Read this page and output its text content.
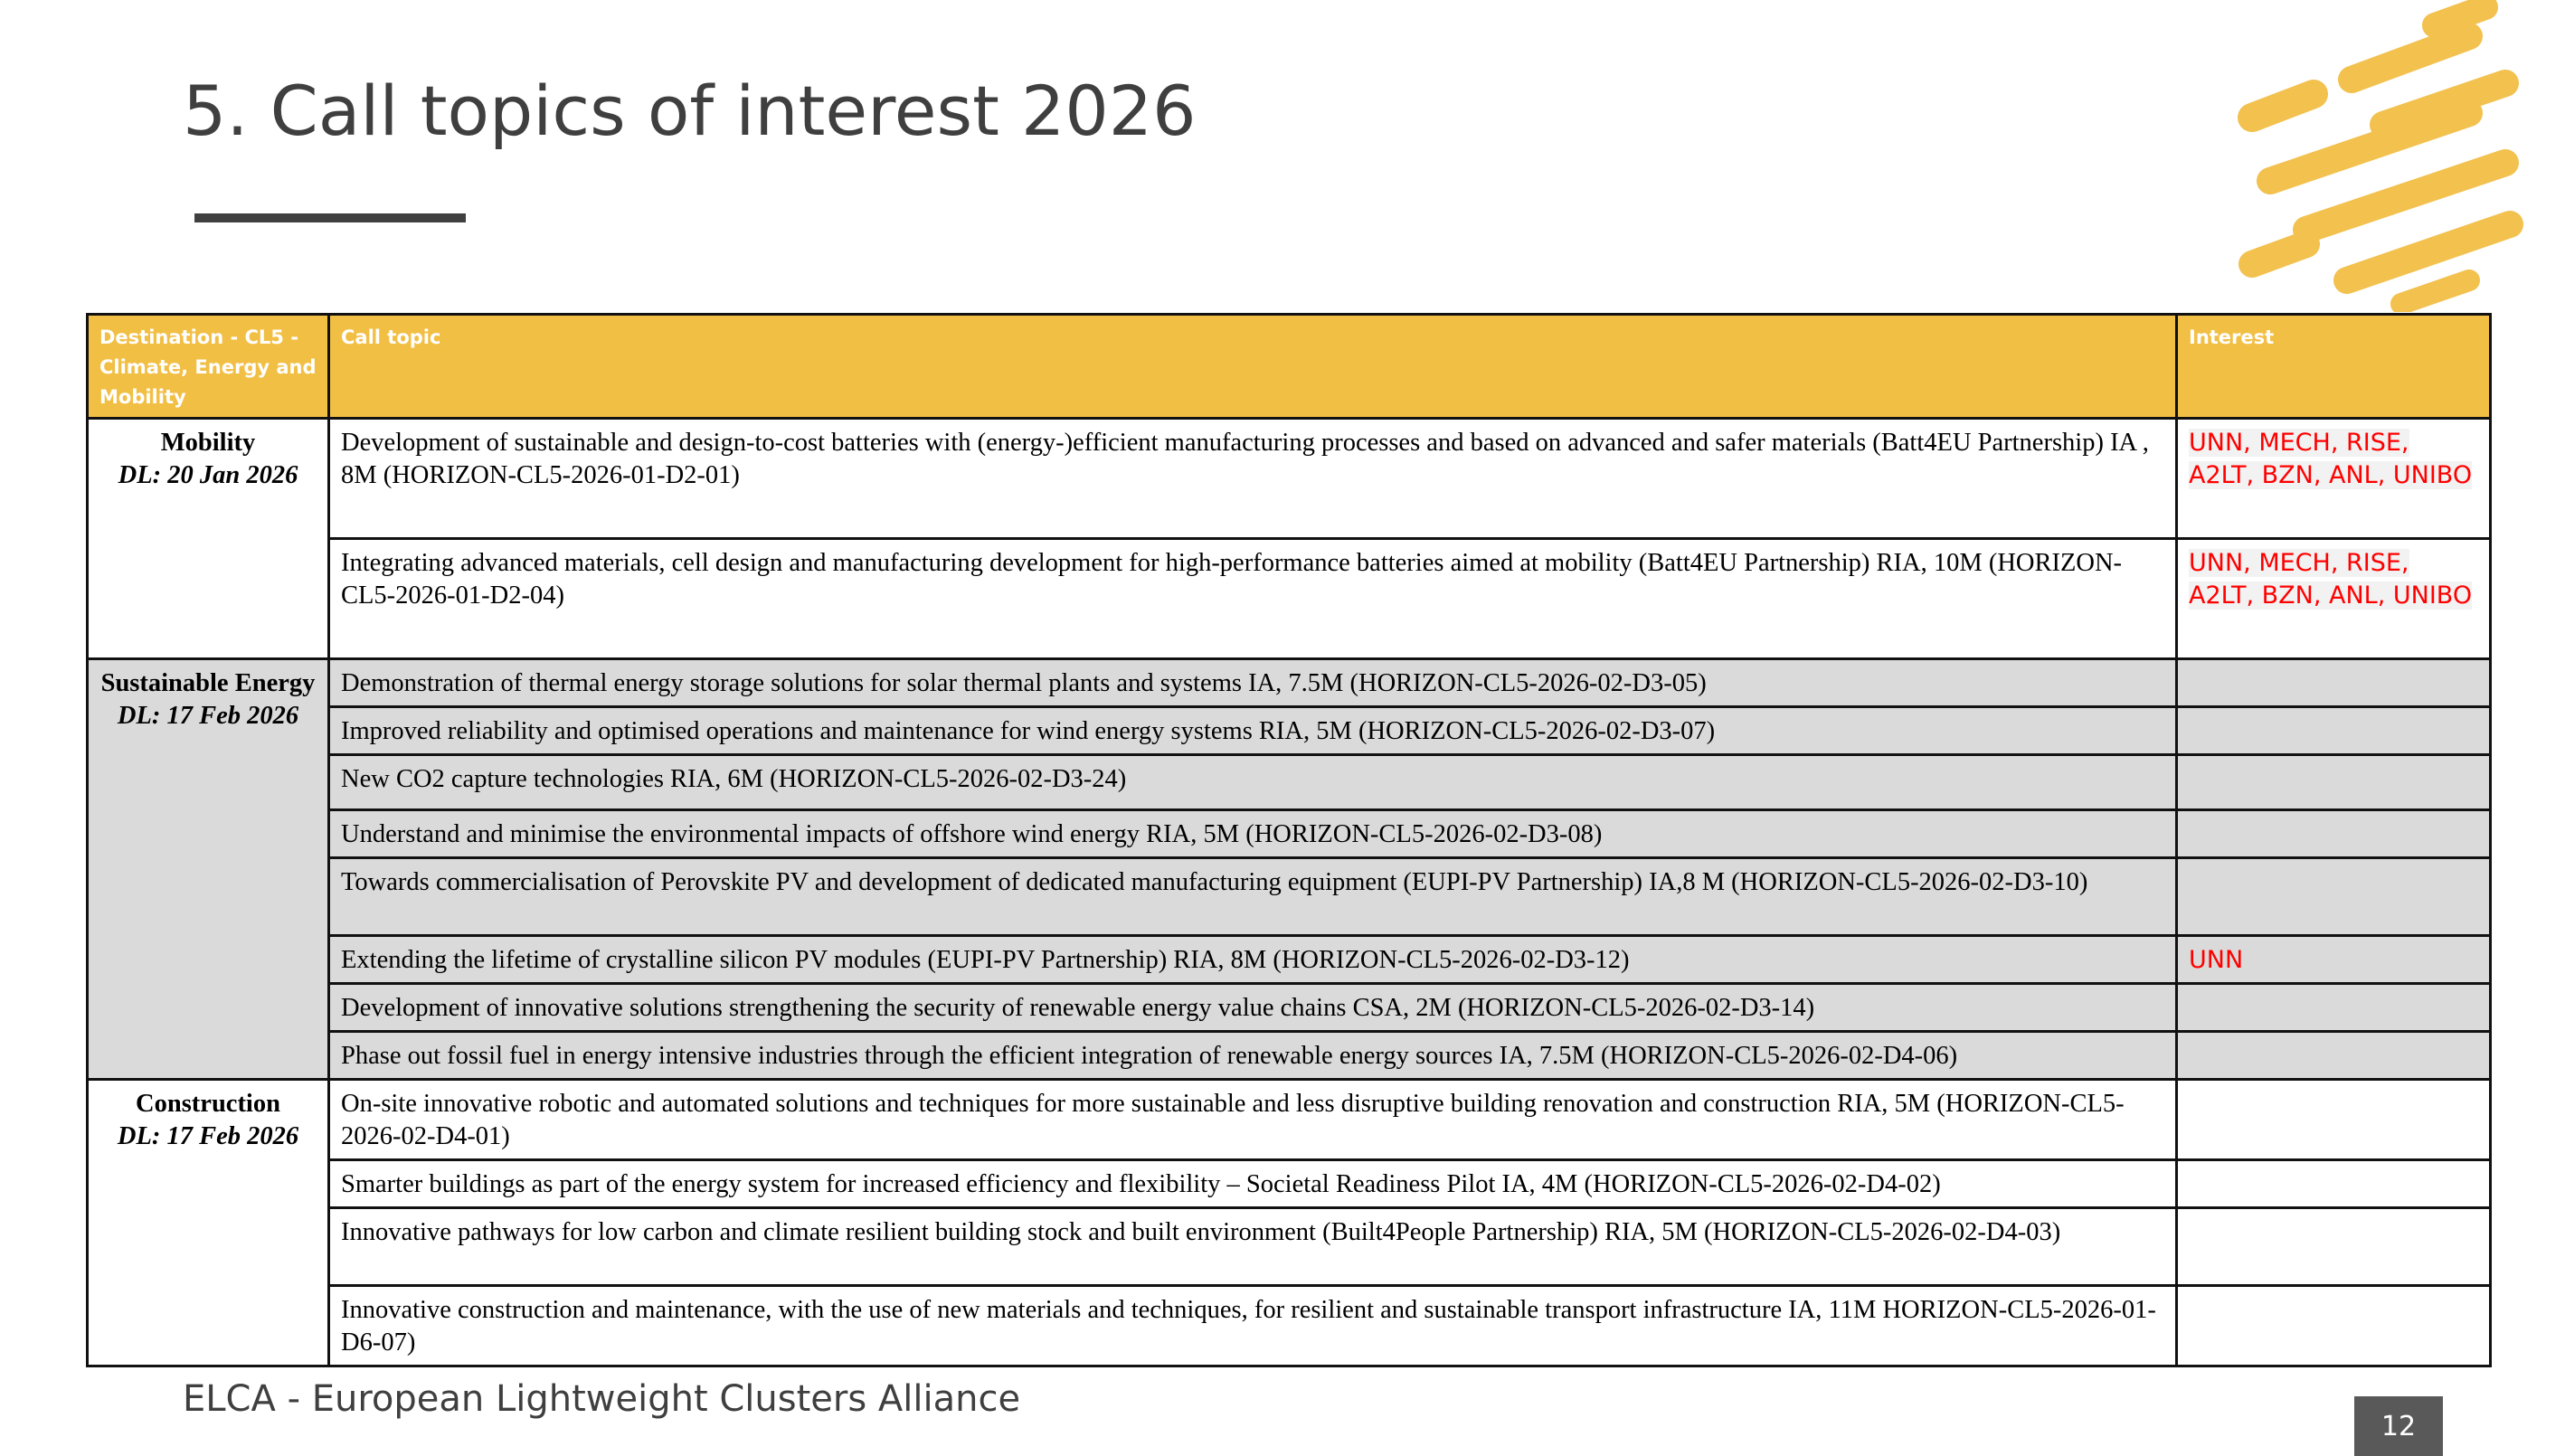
5. Call topics of interest 2026
Destination - CL5 - Climate, Energy and Mobility	Call topic	Interest

Mobility
DL: 20 Jan 2026	Development of sustainable and design-to-cost batteries with (energy-)efficient manufacturing processes and based on advanced and safer materials (Batt4EU Partnership) IA , 8M (HORIZON-CL5-2026-01-D2-01)	UNN, MECH, RISE, A2LT, BZN, ANL, UNIBO
	Integrating advanced materials, cell design and manufacturing development for high-performance batteries aimed at mobility (Batt4EU Partnership) RIA, 10M (HORIZON-CL5-2026-01-D2-04)	UNN, MECH, RISE, A2LT, BZN, ANL, UNIBO

Sustainable Energy
DL: 17 Feb 2026	Demonstration of thermal energy storage solutions for solar thermal plants and systems IA, 7.5M (HORIZON-CL5-2026-02-D3-05)	
	Improved reliability and optimised operations and maintenance for wind energy systems RIA, 5M (HORIZON-CL5-2026-02-D3-07)	
	New CO2 capture technologies RIA, 6M (HORIZON-CL5-2026-02-D3-24)	
	Understand and minimise the environmental impacts of offshore wind energy RIA, 5M (HORIZON-CL5-2026-02-D3-08)	
	Towards commercialisation of Perovskite PV and development of dedicated manufacturing equipment (EUPI-PV Partnership) IA,8 M (HORIZON-CL5-2026-02-D3-10)	
	Extending the lifetime of crystalline silicon PV modules (EUPI-PV Partnership) RIA, 8M (HORIZON-CL5-2026-02-D3-12)	UNN
	Development of innovative solutions strengthening the security of renewable energy value chains CSA, 2M (HORIZON-CL5-2026-02-D3-14)	
	Phase out fossil fuel in energy intensive industries through the efficient integration of renewable energy sources IA, 7.5M (HORIZON-CL5-2026-02-D4-06)	

Construction
DL: 17 Feb 2026	On-site innovative robotic and automated solutions and techniques for more sustainable and less disruptive building renovation and construction RIA, 5M (HORIZON-CL5-2026-02-D4-01)	
	Smarter buildings as part of the energy system for increased efficiency and flexibility – Societal Readiness Pilot IA, 4M (HORIZON-CL5-2026-02-D4-02)	
	Innovative pathways for low carbon and climate resilient building stock and built environment (Built4People Partnership) RIA, 5M (HORIZON-CL5-2026-02-D4-03)	
	Innovative construction and maintenance, with the use of new materials and techniques, for resilient and sustainable transport infrastructure IA, 11M HORIZON-CL5-2026-01-D6-07)	
ELCA - European Lightweight Clusters Alliance
12
